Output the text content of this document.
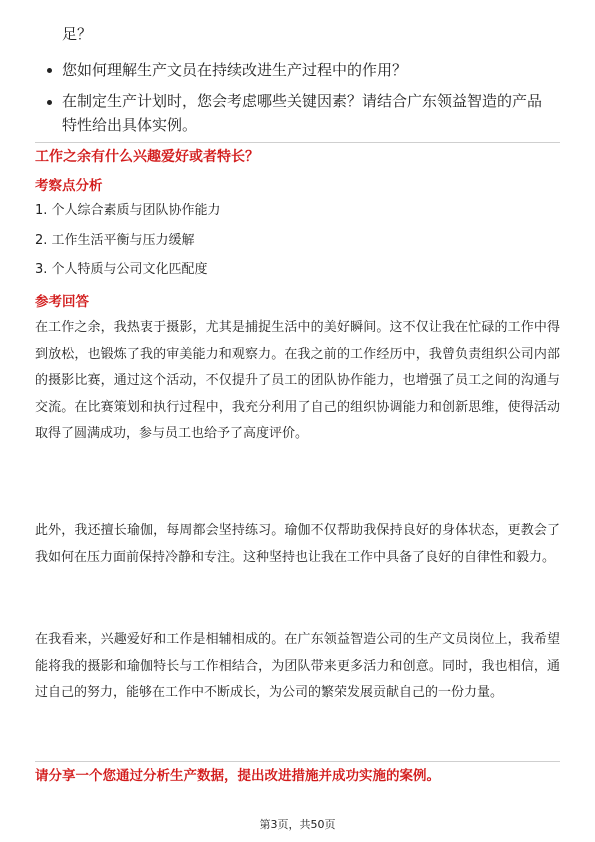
足？
您如何理解生产文员在持续改进生产过程中的作用？
在制定生产计划时，您会考虑哪些关键因素？请结合广东领益智造的产品特性给出具体实例。
工作之余有什么兴趣爱好或者特长？
考察点分析
1. 个人综合素质与团队协作能力
2. 工作生活平衡与压力缓解
3. 个人特质与公司文化匹配度
参考回答
在工作之余，我热衷于摄影，尤其是捕捉生活中的美好瞬间。这不仅让我在忙碌的工作中得到放松，也锻炼了我的审美能力和观察力。在我之前的工作经历中，我曾负责组织公司内部的摄影比赛，通过这个活动，不仅提升了员工的团队协作能力，也增强了员工之间的沟通与交流。在比赛策划和执行过程中，我充分利用了自己的组织协调能力和创新思维，使得活动取得了圆满成功，参与员工也给予了高度评价。
此外，我还擅长瑜伽，每周都会坚持练习。瑜伽不仅帮助我保持良好的身体状态，更教会了我如何在压力面前保持冷静和专注。这种坚持也让我在工作中具备了良好的自律性和毅力。
在我看来，兴趣爱好和工作是相辅相成的。在广东领益智造公司的生产文员岗位上，我希望能将我的摄影和瑜伽特长与工作相结合，为团队带来更多活力和创意。同时，我也相信，通过自己的努力，能够在工作中不断成长，为公司的繁荣发展贡献自己的一份力量。
请分享一个您通过分析生产数据，提出改进措施并成功实施的案例。
第3页，共50页
